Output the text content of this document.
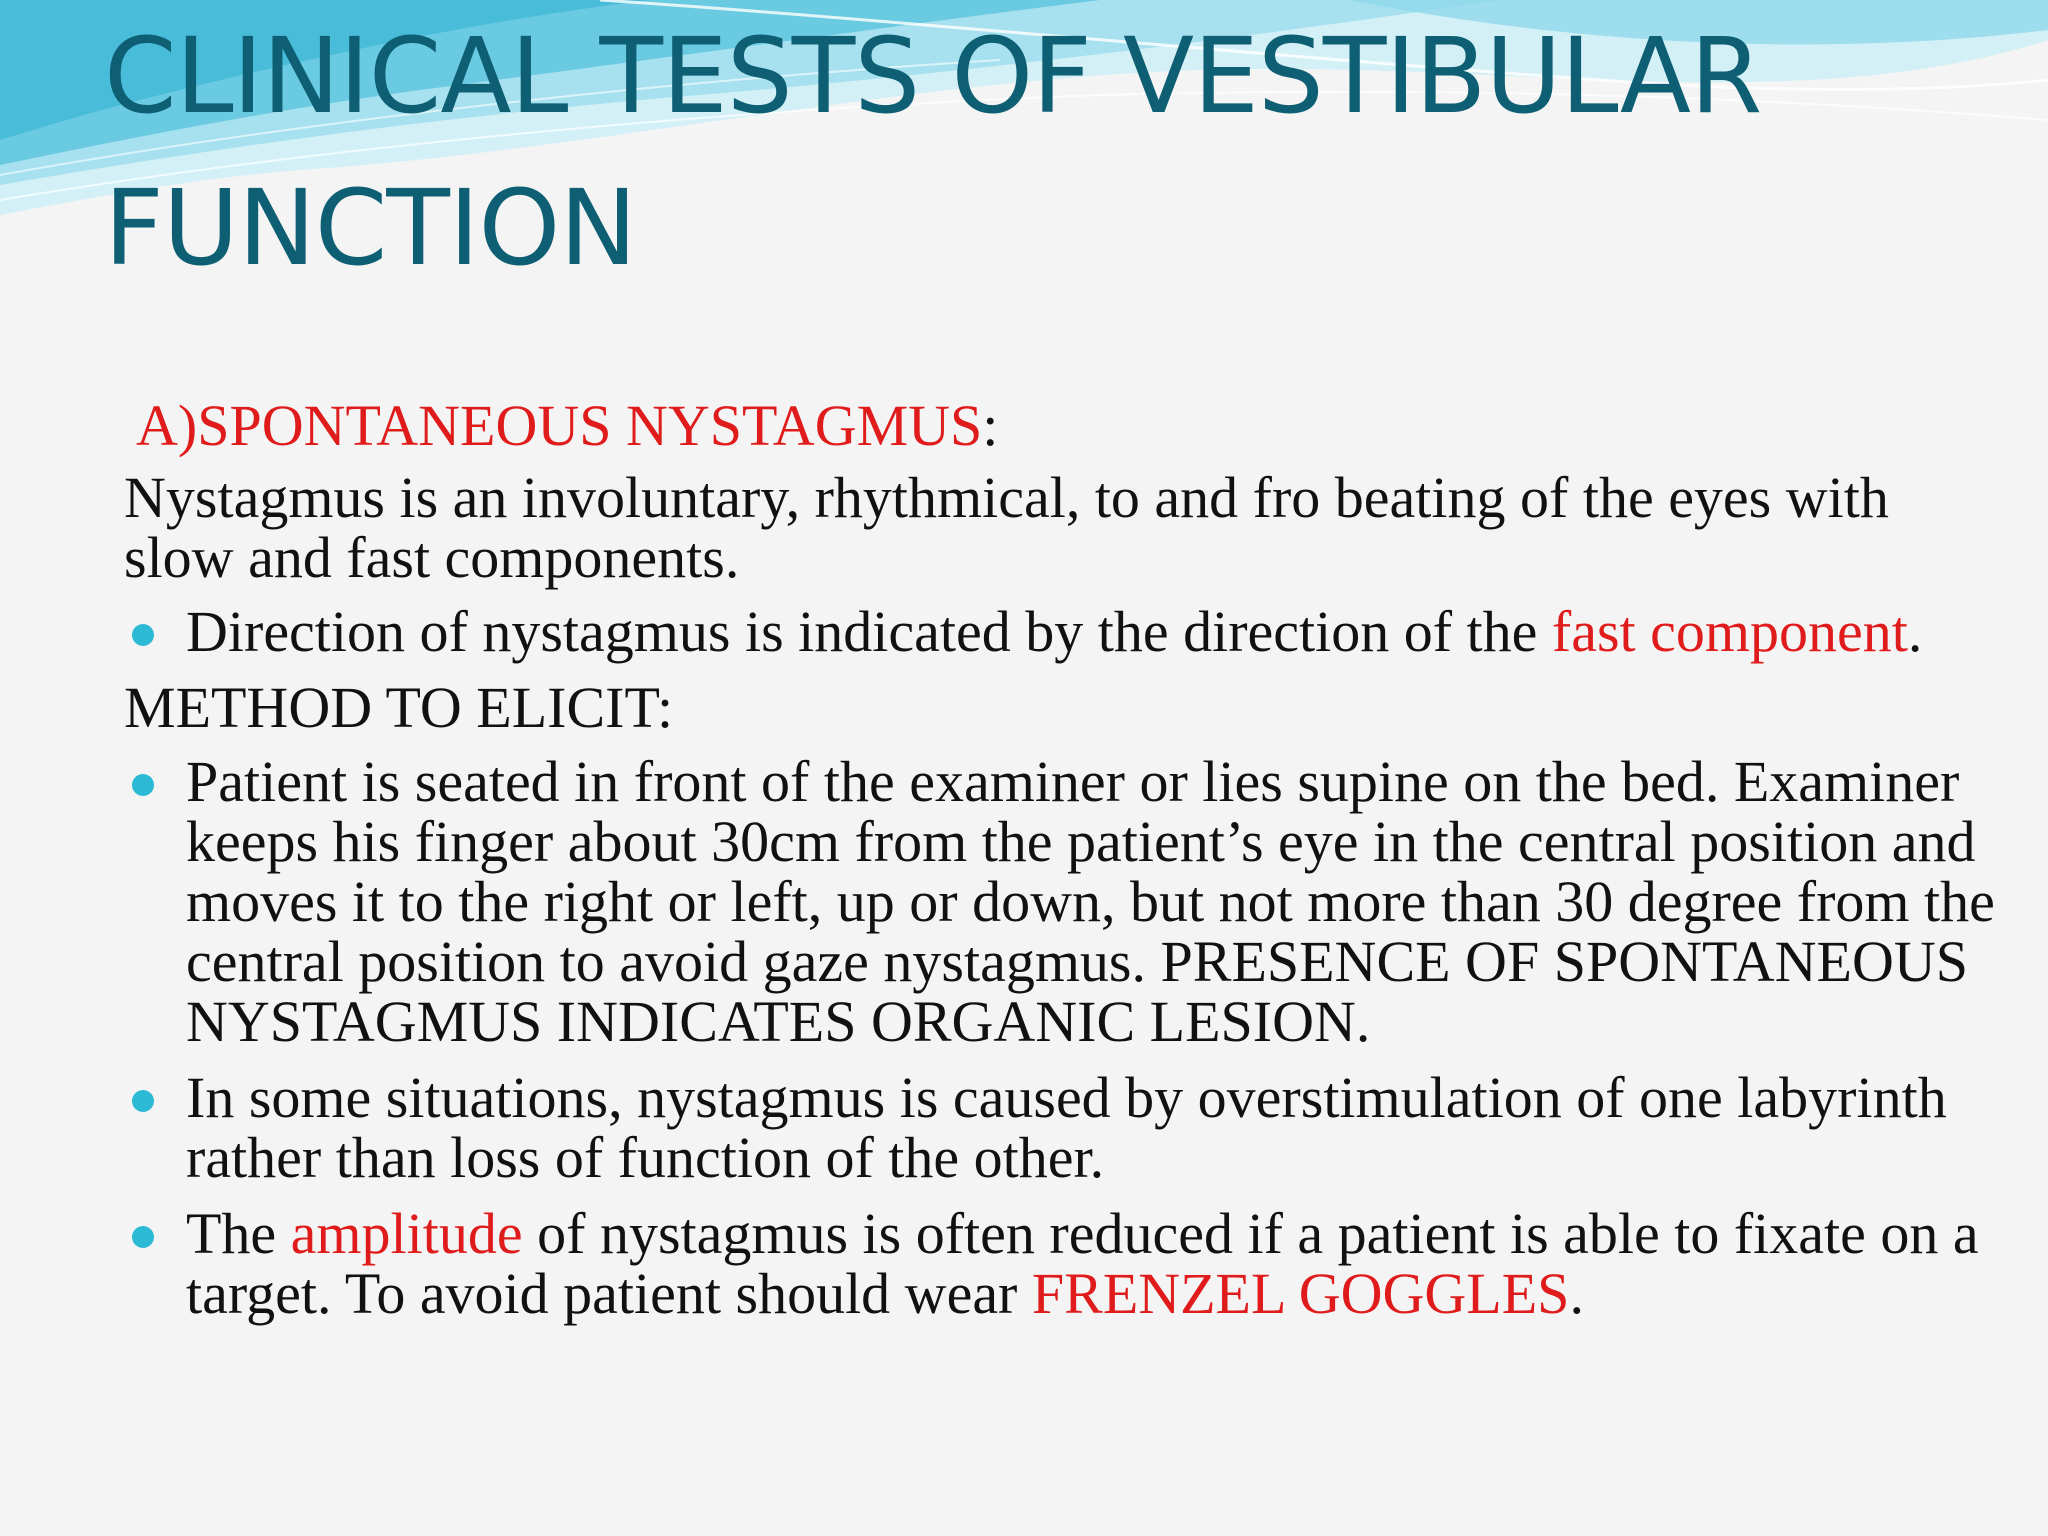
CLINICAL TESTS OF VESTIBULAR FUNCTION

A)SPONTANEOUS NYSTAGMUS:

Nystagmus is an involuntary, rhythmical, to and fro beating of the eyes with slow and fast components.

Direction of nystagmus is indicated by the direction of the fast component.

METHOD TO ELICIT:

Patient is seated in front of the examiner or lies supine on the bed. Examiner keeps his finger about 30cm from the patient’s eye in the central position and moves it to the right or left, up or down, but not more than 30 degree from the central position to avoid gaze nystagmus. PRESENCE OF SPONTANEOUS NYSTAGMUS INDICATES ORGANIC LESION.
In some situations, nystagmus is caused by overstimulation of one labyrinth rather than loss of function of the other.
The amplitude of nystagmus is often reduced if a patient is able to fixate on a target. To avoid patient should wear FRENZEL GOGGLES.
